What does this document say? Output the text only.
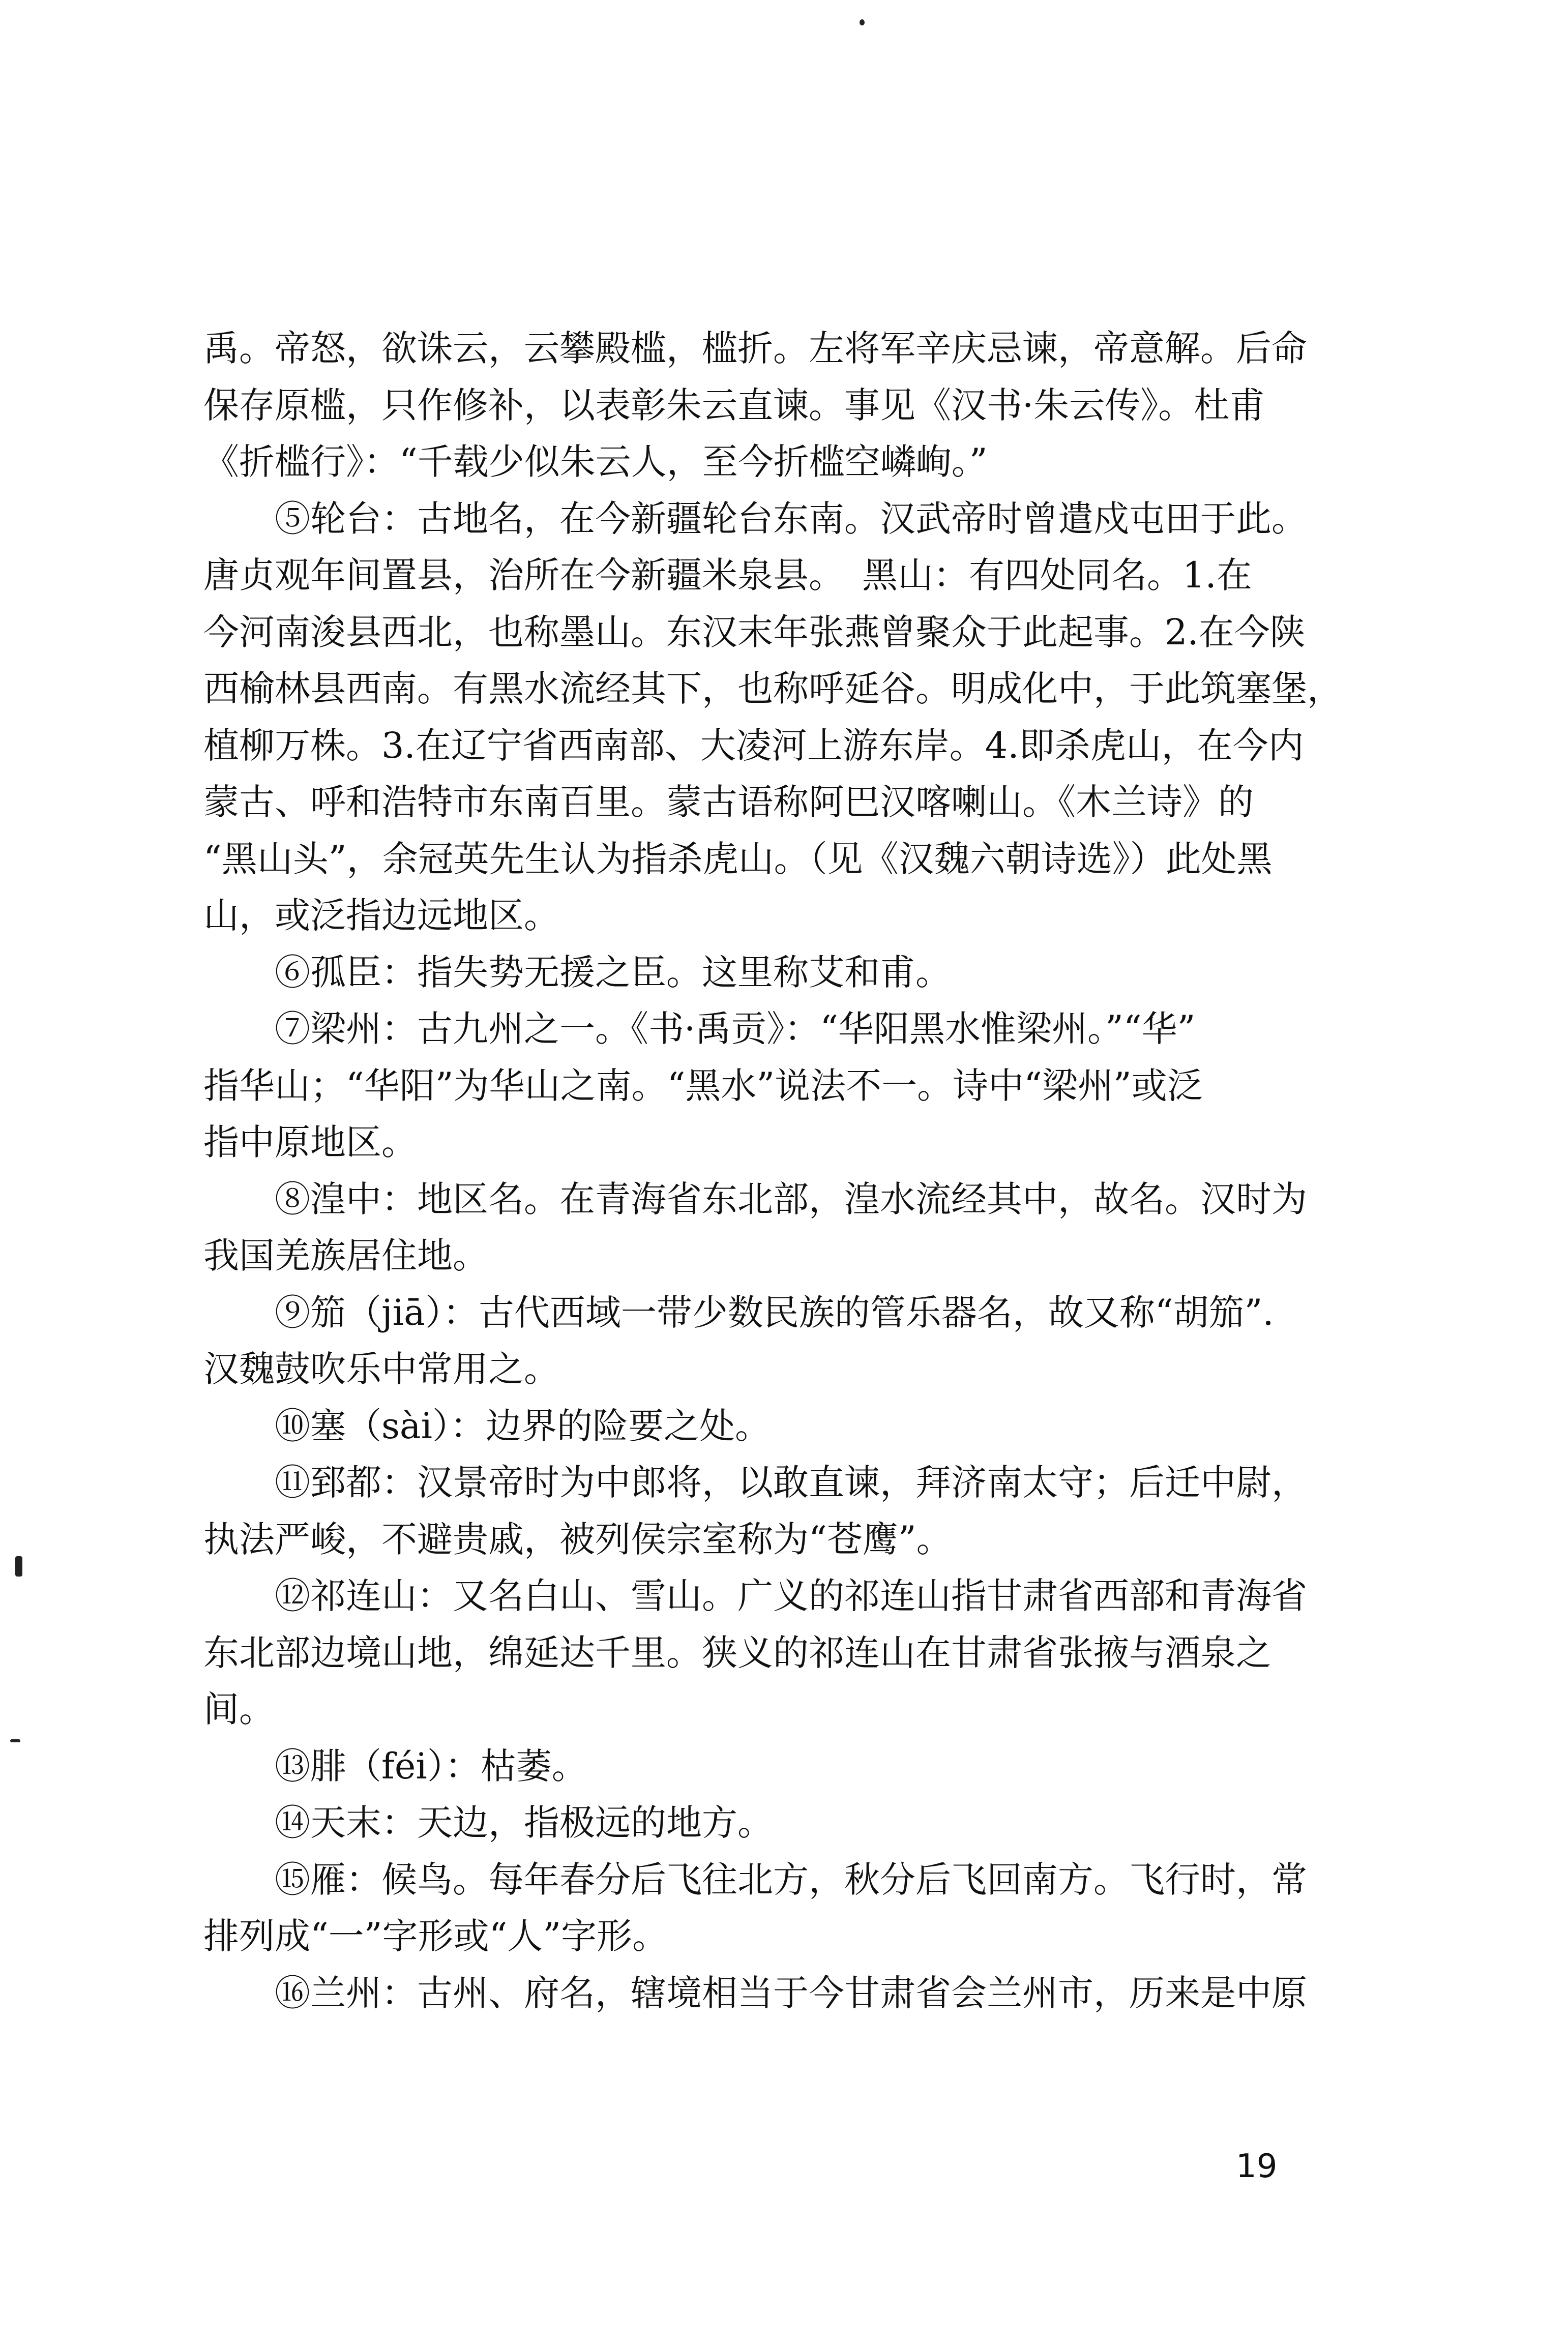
禹。帝怒，欲诛云，云攀殿槛，槛折。左将军辛庆忌谏，帝意解。后命

保存原槛，只作修补，以表彰朱云直谏。事见《汉书·朱云传》。杜甫

《折槛行》：“千载少似朱云人，至今折槛空嶙峋。”

⑤轮台：古地名，在今新疆轮台东南。汉武帝时曾遣戍屯田于此。

唐贞观年间置县，治所在今新疆米泉县。　黑山：有四处同名。1.在

今河南浚县西北，也称墨山。东汉末年张燕曾聚众于此起事。2.在今陕

西榆林县西南。有黑水流经其下，也称呼延谷。明成化中，于此筑塞堡，

植柳万株。3.在辽宁省西南部、大凌河上游东岸。4.即杀虎山，在今内

蒙古、呼和浩特市东南百里。蒙古语称阿巴汉喀喇山。《木兰诗》的

“黑山头”，余冠英先生认为指杀虎山。（见《汉魏六朝诗选》）此处黑

山，或泛指边远地区。

⑥孤臣：指失势无援之臣。这里称艾和甫。

⑦梁州：古九州之一。《书·禹贡》：“华阳黑水惟梁州。”“华”

指华山；“华阳”为华山之南。“黑水”说法不一。诗中“梁州”或泛

指中原地区。

⑧湟中：地区名。在青海省东北部，湟水流经其中，故名。汉时为

我国羌族居住地。

⑨笳（jiā）：古代西域一带少数民族的管乐器名，故又称“胡笳”.

汉魏鼓吹乐中常用之。

⑩塞（sài）：边界的险要之处。

⑪郅都：汉景帝时为中郎将，以敢直谏，拜济南太守；后迁中尉，

执法严峻，不避贵戚，被列侯宗室称为“苍鹰”。

⑫祁连山：又名白山、雪山。广义的祁连山指甘肃省西部和青海省

东北部边境山地，绵延达千里。狭义的祁连山在甘肃省张掖与酒泉之

间。

⑬腓（féi）：枯萎。

⑭天末：天边，指极远的地方。

⑮雁：候鸟。每年春分后飞往北方，秋分后飞回南方。飞行时，常

排列成“一”字形或“人”字形。

⑯兰州：古州、府名，辖境相当于今甘肃省会兰州市，历来是中原

19
